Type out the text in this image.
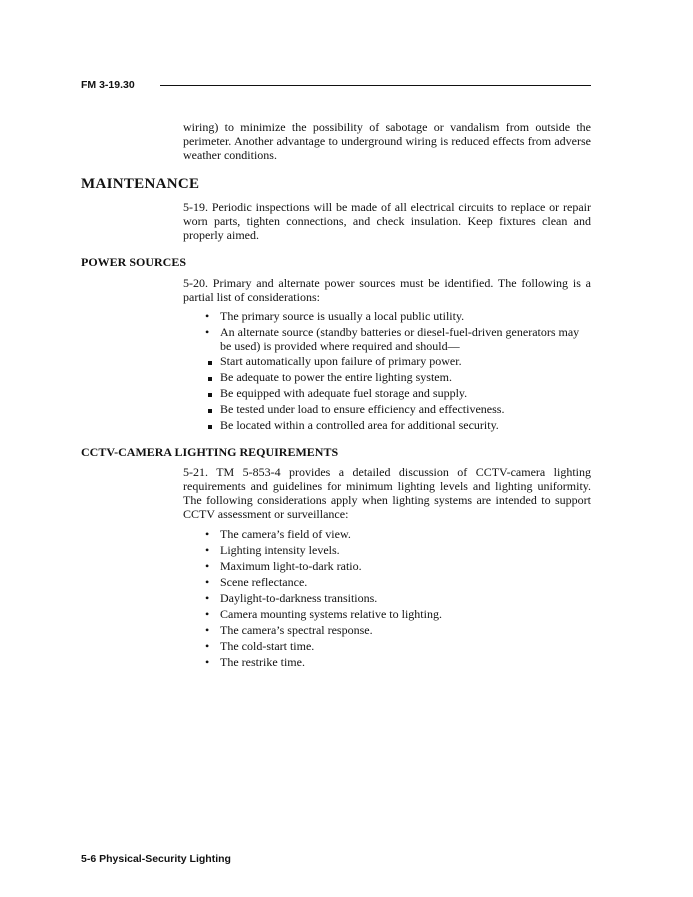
FM 3-19.30
wiring) to minimize the possibility of sabotage or vandalism from outside the perimeter. Another advantage to underground wiring is reduced effects from adverse weather conditions.
MAINTENANCE
5-19. Periodic inspections will be made of all electrical circuits to replace or repair worn parts, tighten connections, and check insulation. Keep fixtures clean and properly aimed.
POWER SOURCES
5-20. Primary and alternate power sources must be identified. The following is a partial list of considerations:
• The primary source is usually a local public utility.
• An alternate source (standby batteries or diesel-fuel-driven generators may be used) is provided where required and should—
Start automatically upon failure of primary power.
Be adequate to power the entire lighting system.
Be equipped with adequate fuel storage and supply.
Be tested under load to ensure efficiency and effectiveness.
Be located within a controlled area for additional security.
CCTV-CAMERA LIGHTING REQUIREMENTS
5-21. TM 5-853-4 provides a detailed discussion of CCTV-camera lighting requirements and guidelines for minimum lighting levels and lighting uniformity. The following considerations apply when lighting systems are intended to support CCTV assessment or surveillance:
• The camera’s field of view.
• Lighting intensity levels.
• Maximum light-to-dark ratio.
• Scene reflectance.
• Daylight-to-darkness transitions.
• Camera mounting systems relative to lighting.
• The camera’s spectral response.
• The cold-start time.
• The restrike time.
5-6 Physical-Security Lighting
